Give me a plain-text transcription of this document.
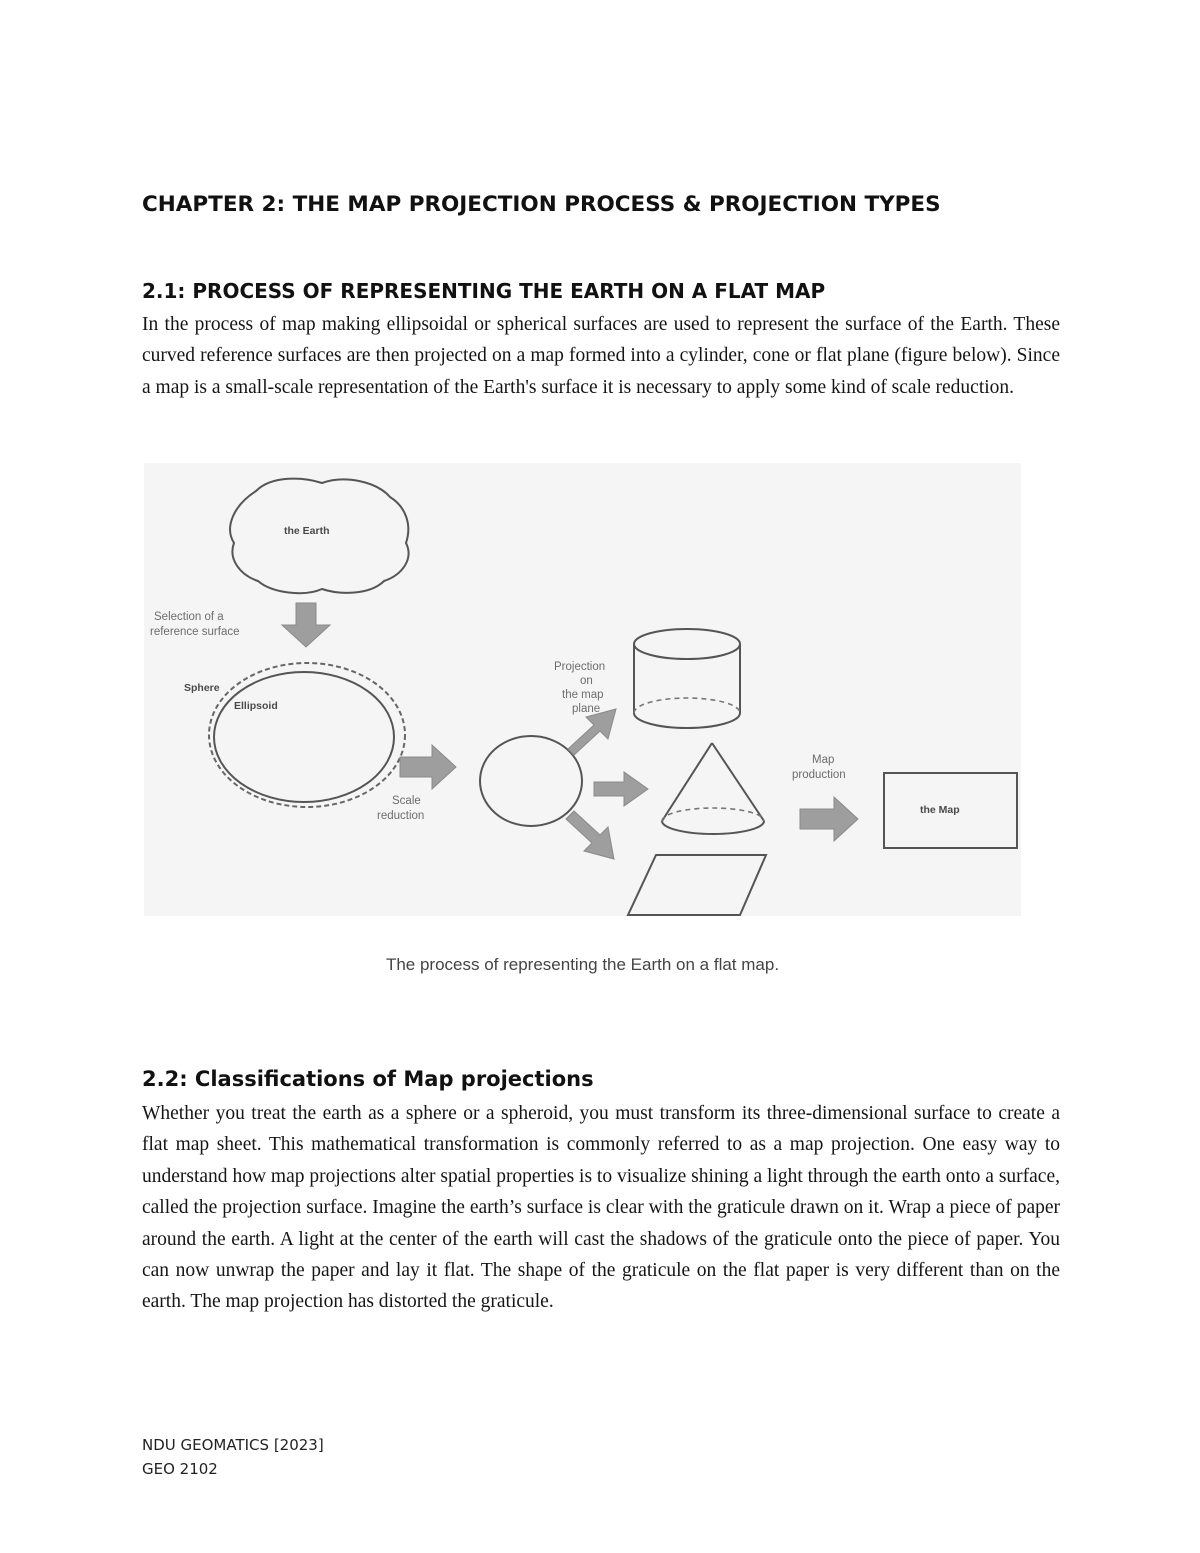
CHAPTER 2: THE MAP PROJECTION PROCESS & PROJECTION TYPES
2.1: PROCESS OF REPRESENTING THE EARTH ON A FLAT MAP
In the process of map making ellipsoidal or spherical surfaces are used to represent the surface of the Earth. These curved reference surfaces are then projected on a map formed into a cylinder, cone or flat plane (figure below). Since a map is a small-scale representation of the Earth's surface it is necessary to apply some kind of scale reduction.
the Earth
Selection of a
reference surface
Sphere
Ellipsoid
Scale
reduction
Projection
on
the map
plane
Map
production
the Map
The process of representing the Earth on a flat map.
2.2: Classifications of Map projections
Whether you treat the earth as a sphere or a spheroid, you must transform its three-dimensional surface to create a flat map sheet. This mathematical transformation is commonly referred to as a map projection. One easy way to understand how map projections alter spatial properties is to visualize shining a light through the earth onto a surface, called the projection surface. Imagine the earth’s surface is clear with the graticule drawn on it. Wrap a piece of paper around the earth. A light at the center of the earth will cast the shadows of the graticule onto the piece of paper. You can now unwrap the paper and lay it flat. The shape of the graticule on the flat paper is very different than on the earth. The map projection has distorted the graticule.
NDU GEOMATICS [2023]
GEO 2102
